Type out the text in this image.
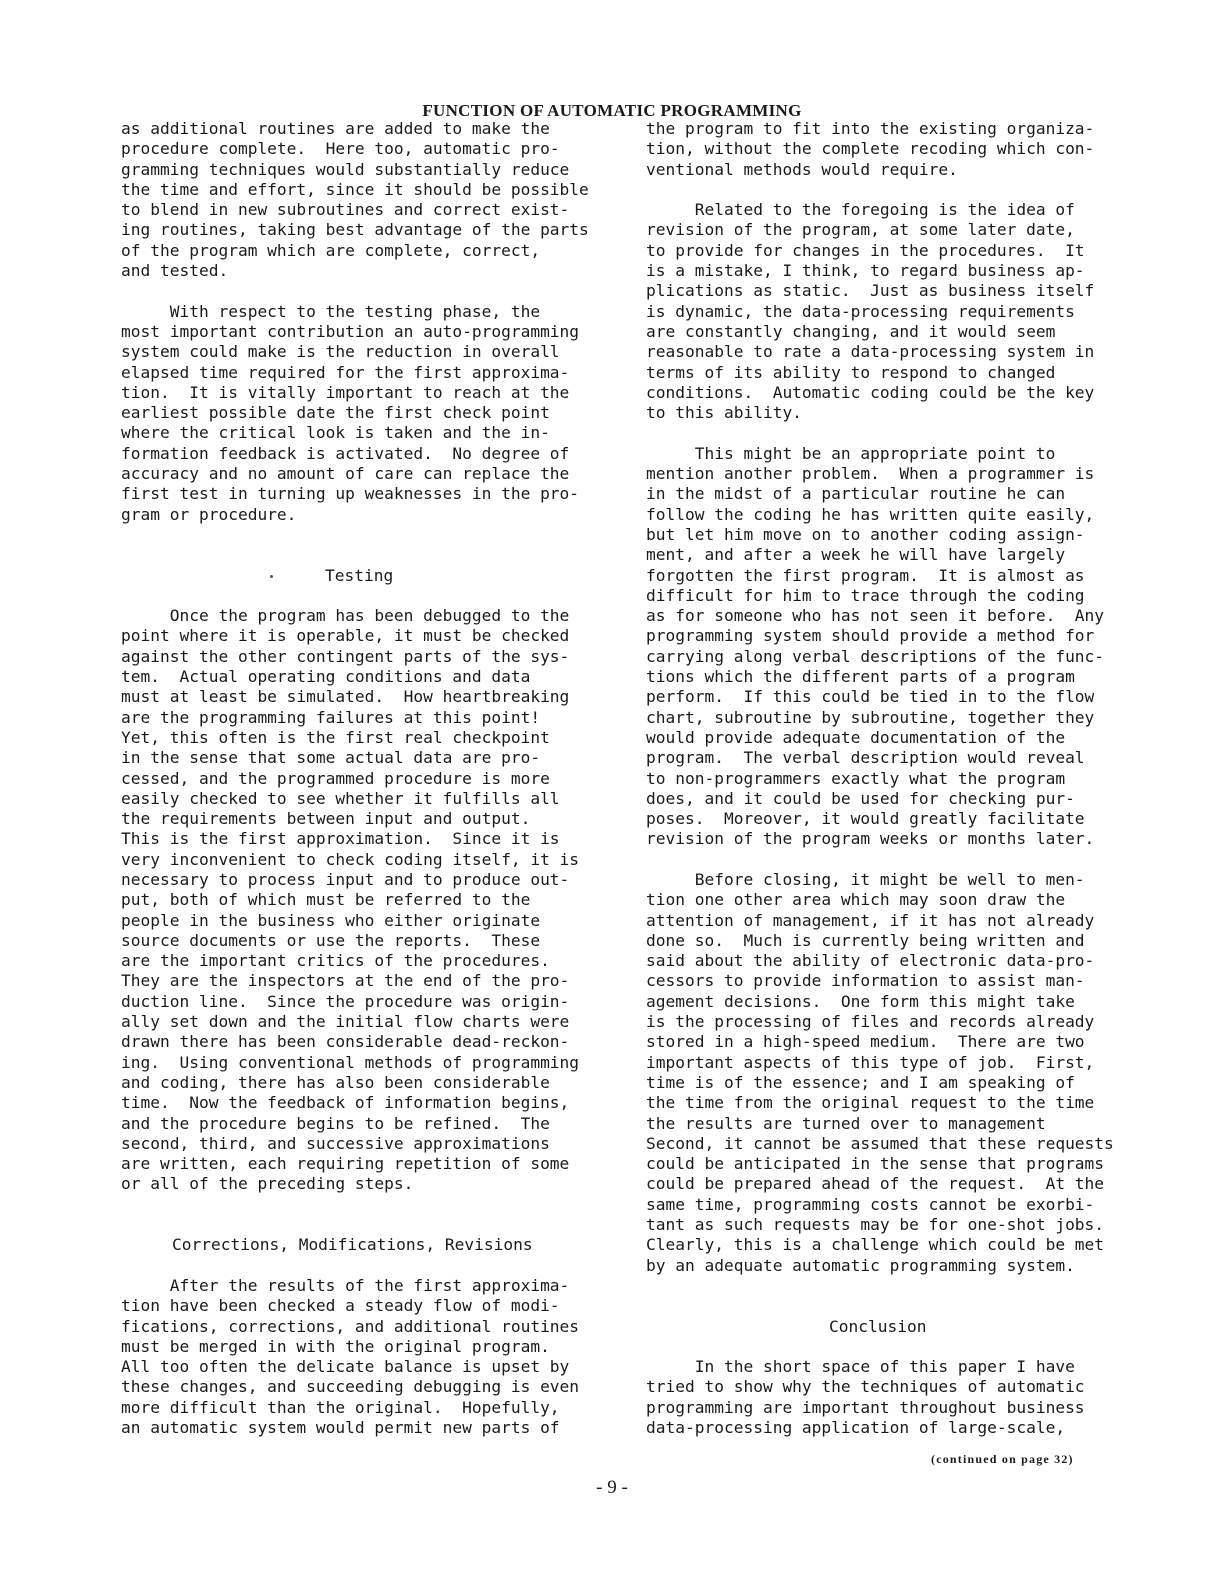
FUNCTION OF AUTOMATIC PROGRAMMING
as additional routines are added to make the
procedure complete.  Here too, automatic pro-
gramming techniques would substantially reduce
the time and effort, since it should be possible
to blend in new subroutines and correct exist-
ing routines, taking best advantage of the parts
of the program which are complete, correct,
and tested.
With respect to the testing phase, the
most important contribution an auto-programming
system could make is the reduction in overall
elapsed time required for the first approxima-
tion.  It is vitally important to reach at the
earliest possible date the first check point
where the critical look is taken and the in-
formation feedback is activated.  No degree of
accuracy and no amount of care can replace the
first test in turning up weaknesses in the pro-
gram or procedure.
Testing
Once the program has been debugged to the
point where it is operable, it must be checked
against the other contingent parts of the sys-
tem.  Actual operating conditions and data
must at least be simulated.  How heartbreaking
are the programming failures at this point!
Yet, this often is the first real checkpoint
in the sense that some actual data are pro-
cessed, and the programmed procedure is more
easily checked to see whether it fulfills all
the requirements between input and output.
This is the first approximation.  Since it is
very inconvenient to check coding itself, it is
necessary to process input and to produce out-
put, both of which must be referred to the
people in the business who either originate
source documents or use the reports.  These
are the important critics of the procedures.
They are the inspectors at the end of the pro-
duction line.  Since the procedure was origin-
ally set down and the initial flow charts were
drawn there has been considerable dead-reckon-
ing.  Using conventional methods of programming
and coding, there has also been considerable
time.  Now the feedback of information begins,
and the procedure begins to be refined.  The
second, third, and successive approximations
are written, each requiring repetition of some
or all of the preceding steps.
Corrections, Modifications, Revisions
After the results of the first approxima-
tion have been checked a steady flow of modi-
fications, corrections, and additional routines
must be merged in with the original program.
All too often the delicate balance is upset by
these changes, and succeeding debugging is even
more difficult than the original.  Hopefully,
an automatic system would permit new parts of
the program to fit into the existing organiza-
tion, without the complete recoding which con-
ventional methods would require.
Related to the foregoing is the idea of
revision of the program, at some later date,
to provide for changes in the procedures.  It
is a mistake, I think, to regard business ap-
plications as static.  Just as business itself
is dynamic, the data-processing requirements
are constantly changing, and it would seem
reasonable to rate a data-processing system in
terms of its ability to respond to changed
conditions.  Automatic coding could be the key
to this ability.
This might be an appropriate point to
mention another problem.  When a programmer is
in the midst of a particular routine he can
follow the coding he has written quite easily,
but let him move on to another coding assign-
ment, and after a week he will have largely
forgotten the first program.  It is almost as
difficult for him to trace through the coding
as for someone who has not seen it before.  Any
programming system should provide a method for
carrying along verbal descriptions of the func-
tions which the different parts of a program
perform.  If this could be tied in to the flow
chart, subroutine by subroutine, together they
would provide adequate documentation of the
program.  The verbal description would reveal
to non-programmers exactly what the program
does, and it could be used for checking pur-
poses.  Moreover, it would greatly facilitate
revision of the program weeks or months later.
Before closing, it might be well to men-
tion one other area which may soon draw the
attention of management, if it has not already
done so.  Much is currently being written and
said about the ability of electronic data-pro-
cessors to provide information to assist man-
agement decisions.  One form this might take
is the processing of files and records already
stored in a high-speed medium.  There are two
important aspects of this type of job.  First,
time is of the essence; and I am speaking of
the time from the original request to the time
the results are turned over to management
Second, it cannot be assumed that these requests
could be anticipated in the sense that programs
could be prepared ahead of the request.  At the
same time, programming costs cannot be exorbi-
tant as such requests may be for one-shot jobs.
Clearly, this is a challenge which could be met
by an adequate automatic programming system.
Conclusion
In the short space of this paper I have
tried to show why the techniques of automatic
programming are important throughout business
data-processing application of large-scale,
(continued on page 32)
- 9 -
